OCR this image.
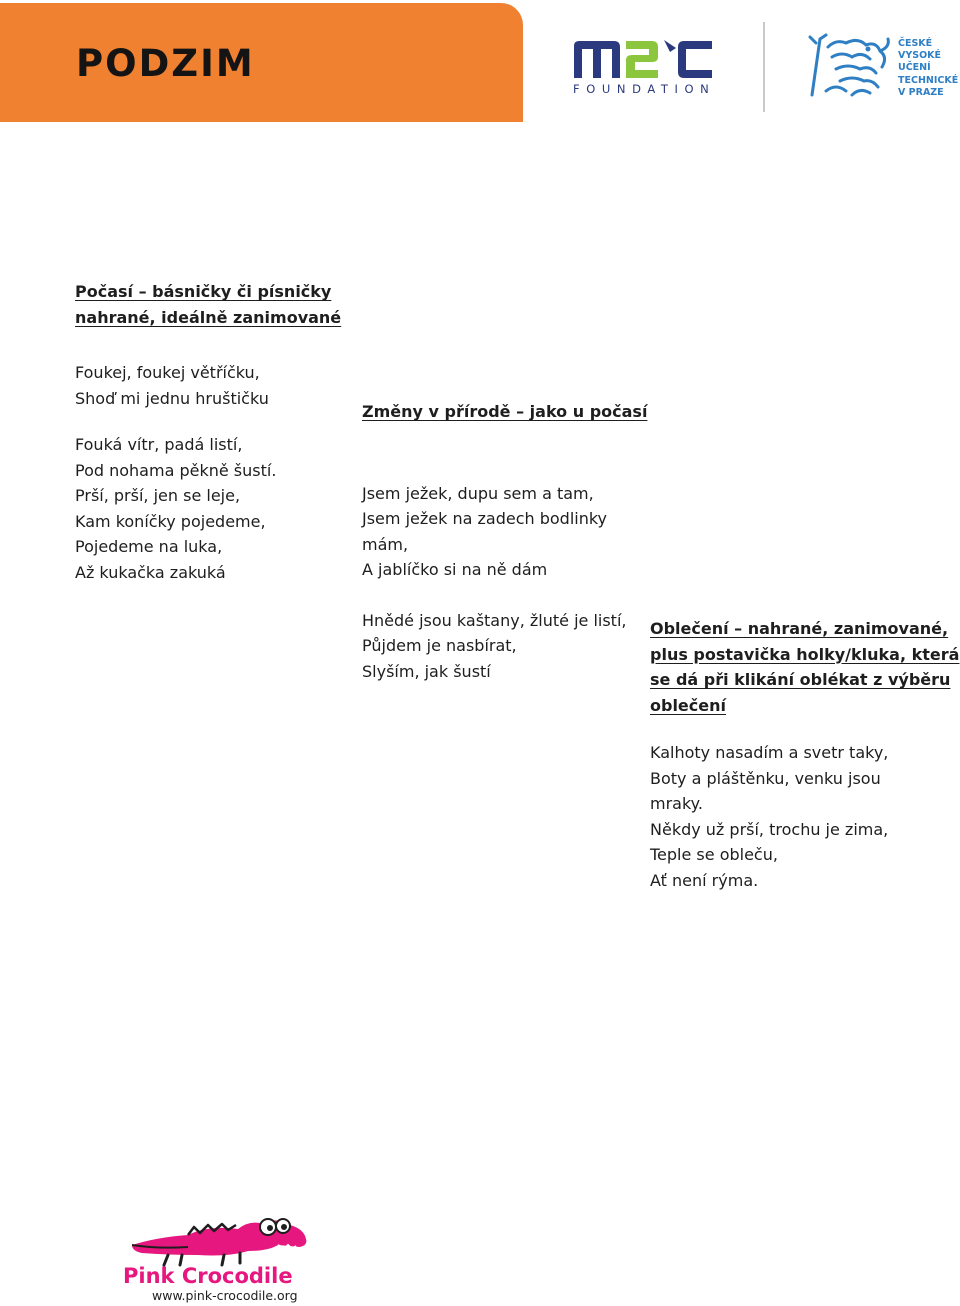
PODZIM
FOUNDATION
ČESKÉ
VYSOKÉ
UČENÍ
TECHNICKÉ
V PRAZE
Počasí – básničky či písničky
nahrané, ideálně zanimované
Foukej, foukej větříčku,
Shoď mi jednu hruštičku
Fouká vítr, padá listí,
Pod nohama pěkně šustí.
Prší, prší, jen se leje,
Kam koníčky pojedeme,
Pojedeme na luka,
Až kukačka zakuká
Změny v přírodě – jako u počasí
Jsem ježek, dupu sem a tam,
Jsem ježek na zadech bodlinky
mám,
A jablíčko si na ně dám
Hnědé jsou kaštany, žluté je listí,
Půjdem je nasbírat,
Slyším, jak šustí
Oblečení – nahrané, zanimované,
plus postavička holky/kluka, která
se dá při klikání oblékat z výběru
oblečení
Kalhoty nasadím a svetr taky,
Boty a pláštěnku, venku jsou
mraky.
Někdy už prší, trochu je zima,
Teple se obleču,
Ať není rýma.
Pink Crocodile
www.pink-crocodile.org
